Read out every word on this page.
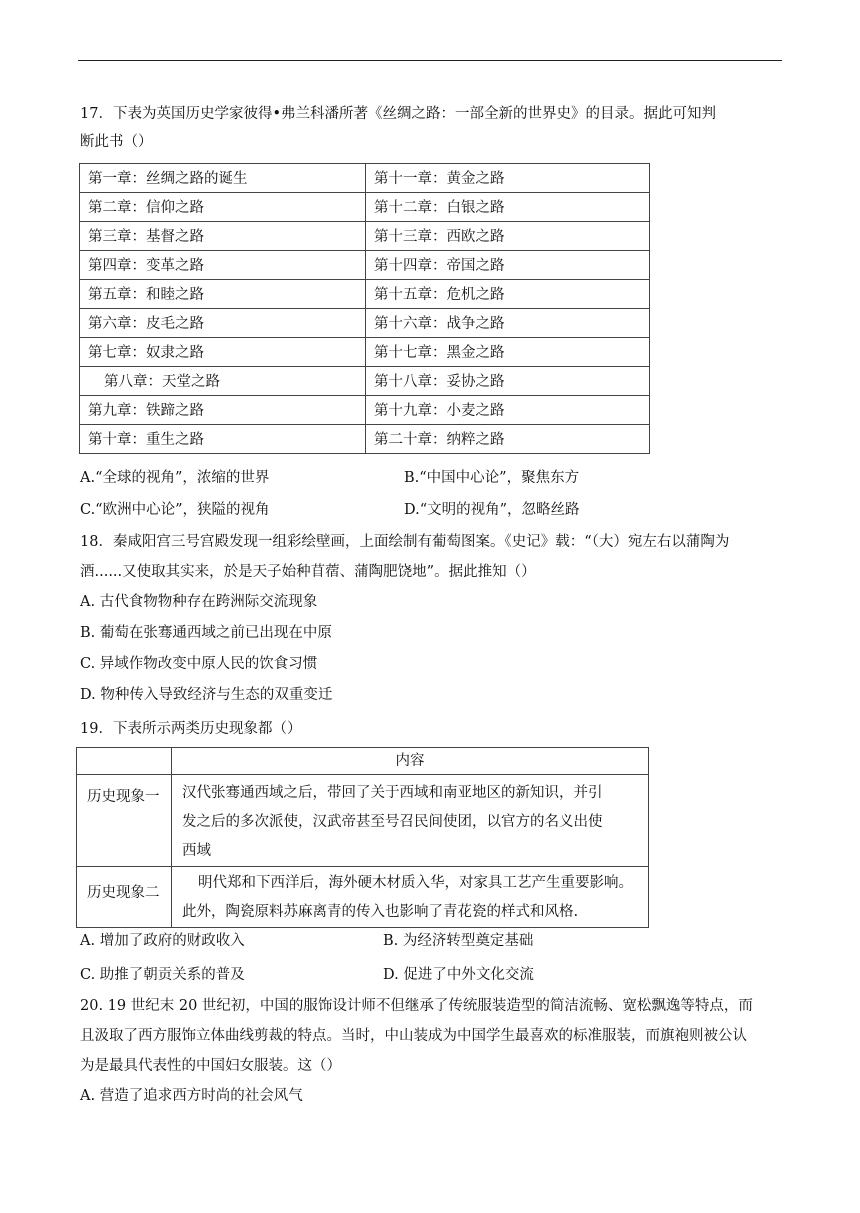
17．下表为英国历史学家彼得•弗兰科潘所著《丝绸之路：一部全新的世界史》的目录。据此可知判
断此书（）
第一章：丝绸之路的诞生	第十一章：黄金之路
第二章：信仰之路	第十二章：白银之路
第三章：基督之路	第十三章：西欧之路
第四章：变革之路	第十四章：帝国之路
第五章：和睦之路	第十五章：危机之路
第六章：皮毛之路	第十六章：战争之路
第七章：奴隶之路	第十七章：黑金之路
第八章：天堂之路	第十八章：妥协之路
第九章：铁蹄之路	第十九章：小麦之路
第十章：重生之路	第二十章：纳粹之路
A.“全球的视角”，浓缩的世界	B.“中国中心论”，聚焦东方
C.“欧洲中心论”，狭隘的视角	D.“文明的视角”，忽略丝路
18．秦咸阳宫三号宫殿发现一组彩绘壁画，上面绘制有葡萄图案。《史记》载：“（大）宛左右以蒲陶为
酒......又使取其实来，於是天子始种苜蓿、蒲陶肥饶地”。据此推知（）
A. 古代食物物种存在跨洲际交流现象
B. 葡萄在张骞通西域之前已出现在中原
C. 异域作物改变中原人民的饮食习惯
D. 物种传入导致经济与生态的双重变迁
19．下表所示两类历史现象都（）
	内容
历史现象一	汉代张骞通西域之后，带回了关于西域和南亚地区的新知识，并引
发之后的多次派使，汉武帝甚至号召民间使团，以官方的名义出使
西域

历史现象二	明代郑和下西洋后，海外硬木材质入华，对家具工艺产生重要影响。
此外，陶瓷原料苏麻离青的传入也影响了青花瓷的样式和风格.
A. 增加了政府的财政收入	B. 为经济转型奠定基础
C. 助推了朝贡关系的普及	D. 促进了中外文化交流
20. 19 世纪末 20 世纪初，中国的服饰设计师不但继承了传统服装造型的简洁流畅、宽松飘逸等特点，而
且汲取了西方服饰立体曲线剪裁的特点。当时，中山装成为中国学生最喜欢的标准服装，而旗袍则被公认
为是最具代表性的中国妇女服装。这（）
A. 营造了追求西方时尚的社会风气
